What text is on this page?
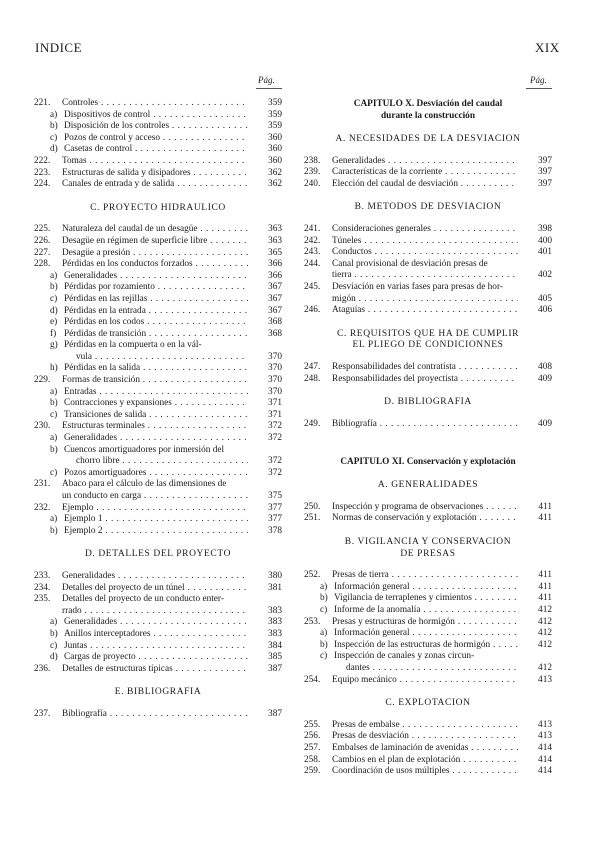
INDICE	XIX
Pág.	Pág.
221. Controles . . .	359
a) Dispositivos de control . . .	359
b) Disposición de los controles . . .	359
c) Pozos de control y acceso . . .	360
d) Casetas de control . . .	360
222. Tomas . . .	360
223. Estructuras de salida y disipadores . . .	362
224. Canales de entrada y de salida . . .	362
C. PROYECTO HIDRAULICO
225. Naturaleza del caudal de un desagüe . . .	363
226. Desagüe en régimen de superficie libre . . .	363
227. Desagüe a presión . . .	365
228. Pérdidas en los conductos forzados . . .	366
a) Generalidades . . .	366
b) Pérdidas por rozamiento . . .	367
c) Pérdidas en las rejillas . . .	367
d) Pérdidas en la entrada . . .	367
e) Pérdidas en los codos . . .	368
f) Pérdidas de transición . . .	368
g) Pérdidas en la compuerta o en la vál-
vula . . .	370
h) Pérdidas en la salida . . .	370
229. Formas de transición . . .	370
a) Entradas . . .	370
b) Contracciones y expansiones . . .	371
c) Transiciones de salida . . .	371
230. Estructuras terminales . . .	372
a) Generalidades . . .	372
b) Cuencos amortiguadores por inmersión del
chorro libre . . .	372
c) Pozos amortiguadores . . .	372
231. Abaco para el cálculo de las dimensiones de
un conducto en carga . . .	375
232. Ejemplo . . .	377
a) Ejemplo 1 . . .	377
b) Ejemplo 2 . . .	378
D. DETALLES DEL PROYECTO
233. Generalidades . . .	380
234. Detalles del proyecto de un túnel . . .	381
235. Detalles del proyecto de un conducto enter-
rrado . . .	383
a) Generalidades . . .	383
b) Anillos interceptadores . . .	383
c) Juntas . . .	384
d) Cargas de proyecto . . .	385
236. Detalles de estructuras típicas . . .	387
E. BIBLIOGRAFIA
237. Bibliografía . . .	387
CAPITULO X. Desviación del caudal
durante la construcción
A. NECESIDADES DE LA DESVIACION
238. Generalidades . . .	397
239. Características de la corriente . . .	397
240. Elección del caudal de desviación . . .	397
B. METODOS DE DESVIACION
241. Consideraciones generales . . .	398
242. Túneles . . .	400
243. Conductos . . .	401
244. Canal provisional de desviación presas de
tierra . . .	402
245. Desviación en varias fases para presas de hor-
migón . . .	405
246. Ataguías . . .	406
C. REQUISITOS QUE HA DE CUMPLIR
EL PLIEGO DE CONDICIONNES
247. Responsabilidades del contratista . . .	408
248. Responsabilidades del proyectista . . .	409
D. BIBLIOGRAFIA
249. Bibliografía . . .	409
CAPITULO XI. Conservación y explotación
A. GENERALIDADES
250. Inspección y programa de observaciones . . .	411
251. Normas de conservación y explotación . . .	411
B. VIGILANCIA Y CONSERVACION
DE PRESAS
252. Presas de tierra . . .	411
a) Información general . . .	411
b) Vigilancia de terraplenes y cimientos . . .	411
c) Informe de la anomalía . . .	412
253. Presas y estructuras de hormigón . . .	412
a) Información general . . .	412
b) Inspección de las estructuras de hormigón . . .	412
c) Inspección de canales y zonas circun-
dantes . . .	412
254. Equipo mecánico . . .	413
C. EXPLOTACION
255. Presas de embalse . . .	413
256. Presas de desviación . . .	413
257. Embalses de laminación de avenidas . . .	414
258. Cambios en el plan de explotación . . .	414
259. Coordinación de usos múltiples . . .	414
